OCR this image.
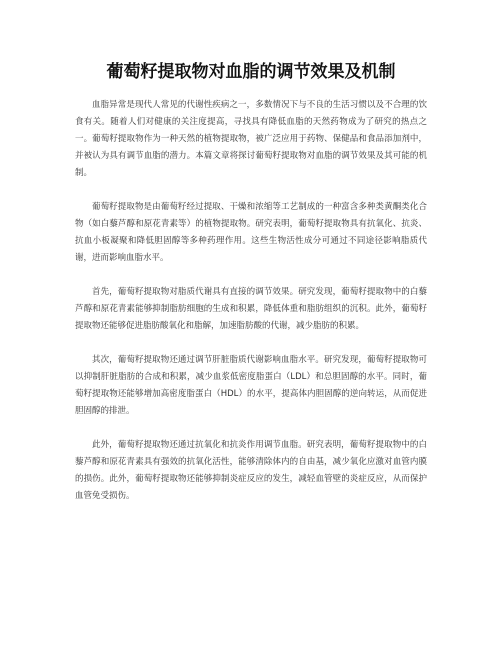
葡萄籽提取物对血脂的调节效果及机制

血脂异常是现代人常见的代谢性疾病之一，多数情况下与不良的生活习惯以及不合理的饮食有关。随着人们对健康的关注度提高，寻找具有降低血脂的天然药物成为了研究的热点之一。葡萄籽提取物作为一种天然的植物提取物，被广泛应用于药物、保健品和食品添加剂中，并被认为具有调节血脂的潜力。本篇文章将探讨葡萄籽提取物对血脂的调节效果及其可能的机制。

葡萄籽提取物是由葡萄籽经过提取、干燥和浓缩等工艺制成的一种富含多种类黄酮类化合物（如白藜芦醇和原花青素等）的植物提取物。研究表明，葡萄籽提取物具有抗氧化、抗炎、抗血小板凝聚和降低胆固醇等多种药理作用。这些生物活性成分可通过不同途径影响脂质代谢，进而影响血脂水平。

首先，葡萄籽提取物对脂质代谢具有直接的调节效果。研究发现，葡萄籽提取物中的白藜芦醇和原花青素能够抑制脂肪细胞的生成和积累，降低体重和脂肪组织的沉积。此外，葡萄籽提取物还能够促进脂肪酸氧化和脂解，加速脂肪酸的代谢，减少脂肪的积累。

其次，葡萄籽提取物还通过调节肝脏脂质代谢影响血脂水平。研究发现，葡萄籽提取物可以抑制肝脏脂肪的合成和积累，减少血浆低密度脂蛋白（LDL）和总胆固醇的水平。同时，葡萄籽提取物还能够增加高密度脂蛋白（HDL）的水平，提高体内胆固醇的逆向转运，从而促进胆固醇的排泄。

此外，葡萄籽提取物还通过抗氧化和抗炎作用调节血脂。研究表明，葡萄籽提取物中的白藜芦醇和原花青素具有强效的抗氧化活性，能够清除体内的自由基，减少氧化应激对血管内膜的损伤。此外，葡萄籽提取物还能够抑制炎症反应的发生，减轻血管壁的炎症反应，从而保护血管免受损伤。
